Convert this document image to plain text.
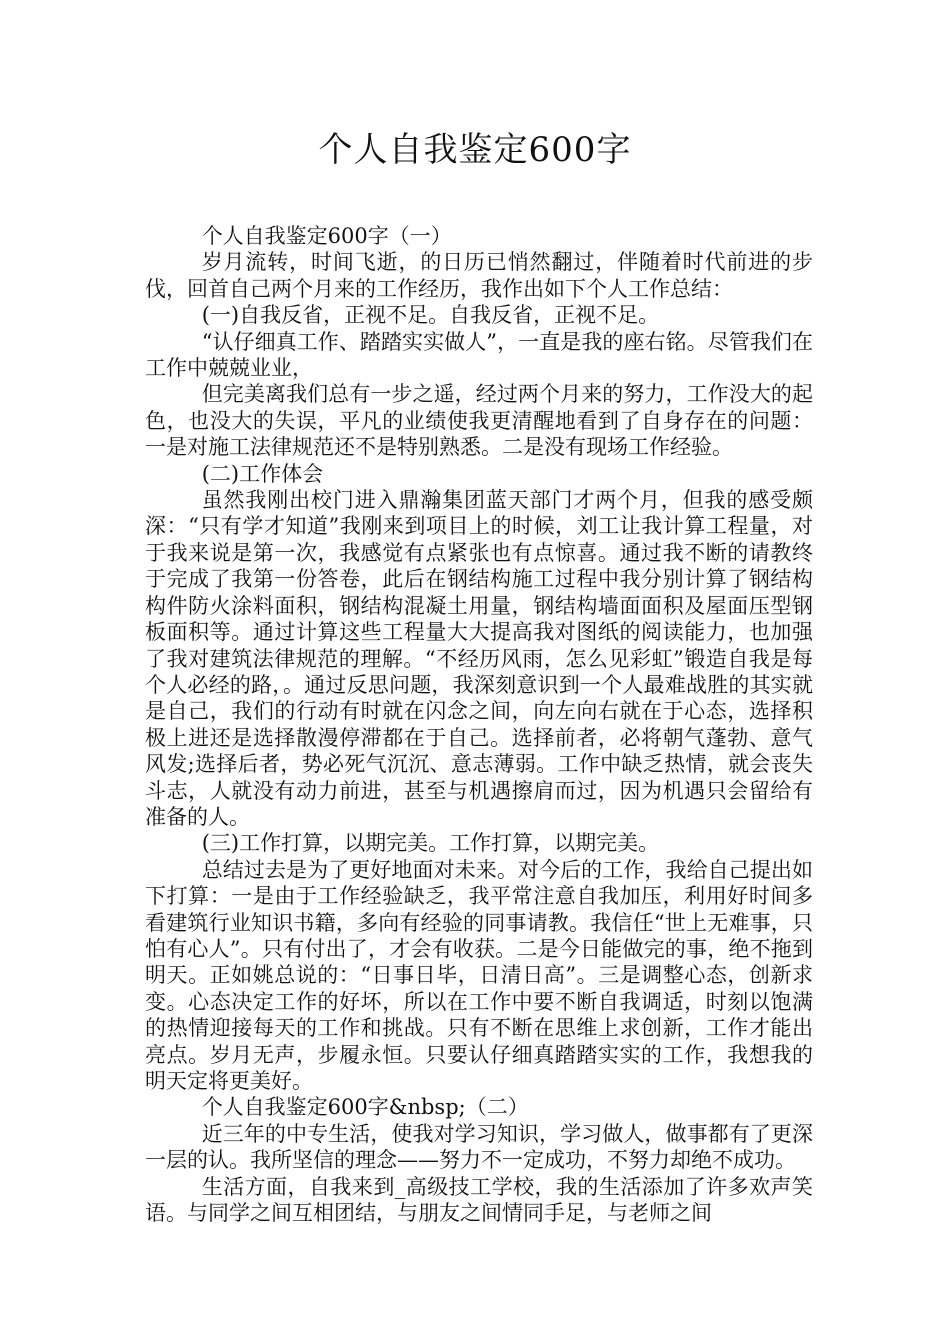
个人自我鉴定600字

个人自我鉴定600字（一）

岁月流转，时间飞逝，的日历已悄然翻过，伴随着时代前进的步伐，回首自己两个月来的工作经历，我作出如下个人工作总结：

(一)自我反省，正视不足。自我反省，正视不足。

“认仔细真工作、踏踏实实做人”，一直是我的座右铭。尽管我们在工作中兢兢业业，

但完美离我们总有一步之遥，经过两个月来的努力，工作没大的起色，也没大的失误，平凡的业绩使我更清醒地看到了自身存在的问题：一是对施工法律规范还不是特别熟悉。二是没有现场工作经验。

(二)工作体会

虽然我刚出校门进入鼎瀚集团蓝天部门才两个月，但我的感受颇深：“只有学才知道”我刚来到项目上的时候，刘工让我计算工程量，对于我来说是第一次，我感觉有点紧张也有点惊喜。通过我不断的请教终于完成了我第一份答卷，此后在钢结构施工过程中我分别计算了钢结构构件防火涂料面积，钢结构混凝土用量，钢结构墙面面积及屋面压型钢板面积等。通过计算这些工程量大大提高我对图纸的阅读能力，也加强了我对建筑法律规范的理解。“不经历风雨，怎么见彩虹”锻造自我是每个人必经的路，。通过反思问题，我深刻意识到一个人最难战胜的其实就是自己，我们的行动有时就在闪念之间，向左向右就在于心态，选择积极上进还是选择散漫停滞都在于自己。选择前者，必将朝气蓬勃、意气风发;选择后者，势必死气沉沉、意志薄弱。工作中缺乏热情，就会丧失斗志，人就没有动力前进，甚至与机遇擦肩而过，因为机遇只会留给有准备的人。

(三)工作打算，以期完美。工作打算，以期完美。

总结过去是为了更好地面对未来。对今后的工作，我给自己提出如下打算：一是由于工作经验缺乏，我平常注意自我加压，利用好时间多看建筑行业知识书籍，多向有经验的同事请教。我信任“世上无难事，只怕有心人”。只有付出了，才会有收获。二是今日能做完的事，绝不拖到明天。正如姚总说的：“日事日毕，日清日高”。三是调整心态，创新求变。心态决定工作的好坏，所以在工作中要不断自我调适，时刻以饱满的热情迎接每天的工作和挑战。只有不断在思维上求创新，工作才能出亮点。岁月无声，步履永恒。只要认仔细真踏踏实实的工作，我想我的明天定将更美好。

个人自我鉴定600字&nbsp;（二）

近三年的中专生活，使我对学习知识，学习做人，做事都有了更深一层的认。我所坚信的理念——努力不一定成功，不努力却绝不成功。

生活方面，自我来到_高级技工学校，我的生活添加了许多欢声笑语。与同学之间互相团结，与朋友之间情同手足，与老师之间
